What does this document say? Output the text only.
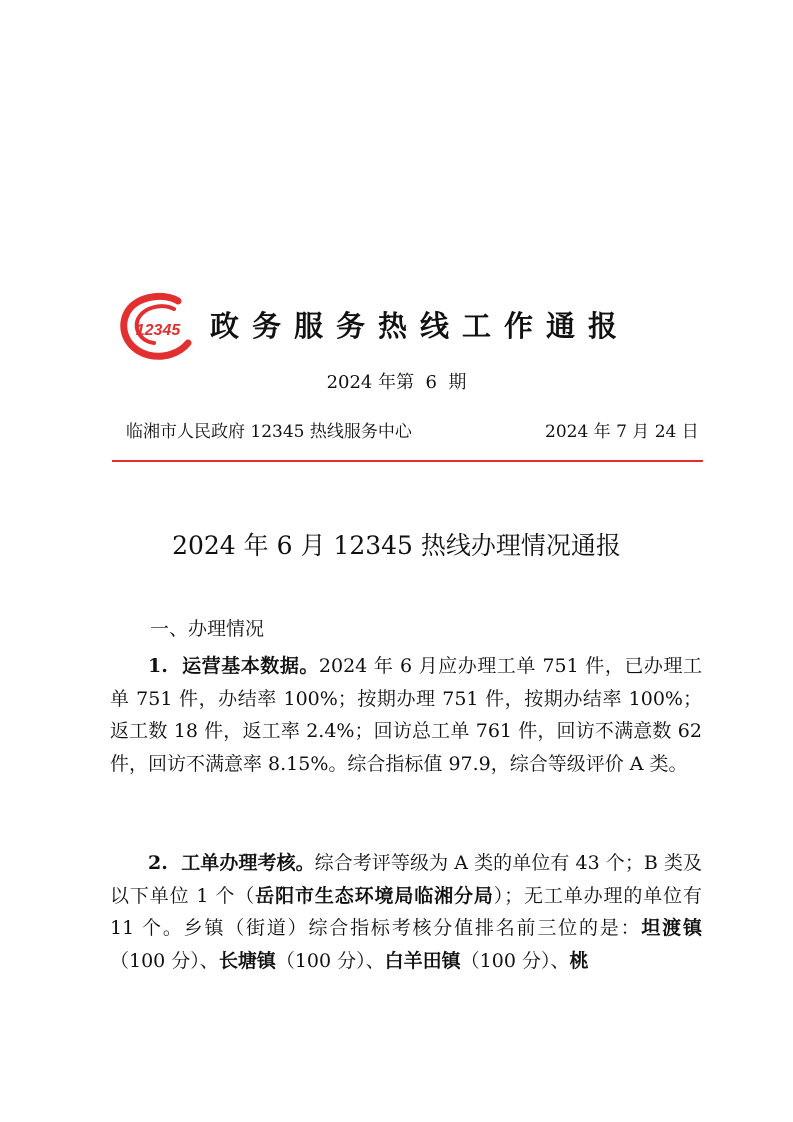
12345 政务服务热线工作通报
2024 年第  6  期
临湘市人民政府 12345 热线服务中心	2024 年 7 月 24 日
2024 年 6 月 12345 热线办理情况通报
一、办理情况

1.  运营基本数据。2024 年 6 月应办理工单 751 件，已办理工单 751 件，办结率 100%；按期办理 751 件，按期办结率 100%；返工数 18 件，返工率 2.4%；回访总工单 761 件，回访不满意数 62 件，回访不满意率 8.15%。综合指标值 97.9，综合等级评价 A 类。

2.  工单办理考核。综合考评等级为 A 类的单位有 43 个；B 类及以下单位 1 个（岳阳市生态环境局临湘分局）；无工单办理的单位有 11 个。乡镇（街道）综合指标考核分值排名前三位的是：坦渡镇（100 分）、长塘镇（100 分）、白羊田镇（100 分）、桃
